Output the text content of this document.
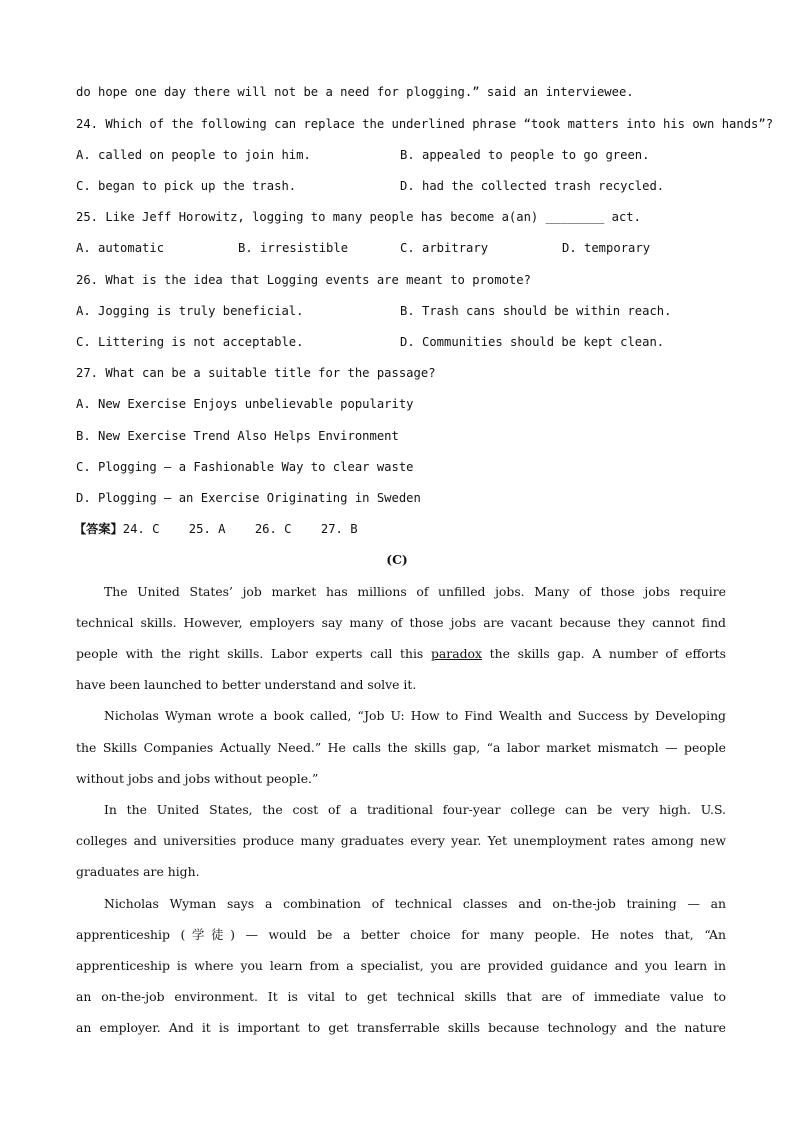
do hope one day there will not be a need for plogging.” said an interviewee.
24. Which of the following can replace the underlined phrase “took matters into his own hands”?
A. called on people to join him.	B. appealed to people to go green.
C. began to pick up the trash.	D. had the collected trash recycled.
25. Like Jeff Horowitz, logging to many people has become a(an) ________ act.
A. automatic	B. irresistible	C. arbitrary	D. temporary
26. What is the idea that Logging events are meant to promote?
A. Jogging is truly beneficial.	B. Trash cans should be within reach.
C. Littering is not acceptable.	D. Communities should be kept clean.
27. What can be a suitable title for the passage?
A. New Exercise Enjoys unbelievable popularity
B. New Exercise Trend Also Helps Environment
C. Plogging — a Fashionable Way to clear waste
D. Plogging — an Exercise Originating in Sweden
【答案】24. C    25. A    26. C    27. B
(C)
The United States’ job market has millions of unfilled jobs. Many of those jobs require
technical skills. However, employers say many of those jobs are vacant because they cannot find
people with the right skills. Labor experts call this paradox the skills gap. A number of efforts
have been launched to better understand and solve it.
Nicholas Wyman wrote a book called, “Job U: How to Find Wealth and Success by Developing
the Skills Companies Actually Need.” He calls the skills gap, “a labor market mismatch — people
without jobs and jobs without people.”
In the United States, the cost of a traditional four-year college can be very high. U.S.
colleges and universities produce many graduates every year. Yet unemployment rates among new
graduates are high.
Nicholas Wyman says a combination of technical classes and on-the-job training — an
apprenticeship (学徒) — would be a better choice for many people. He notes that, “An
apprenticeship is where you learn from a specialist, you are provided guidance and you learn in
an on-the-job environment. It is vital to get technical skills that are of immediate value to
an employer. And it is important to get transferrable skills because technology and the nature
